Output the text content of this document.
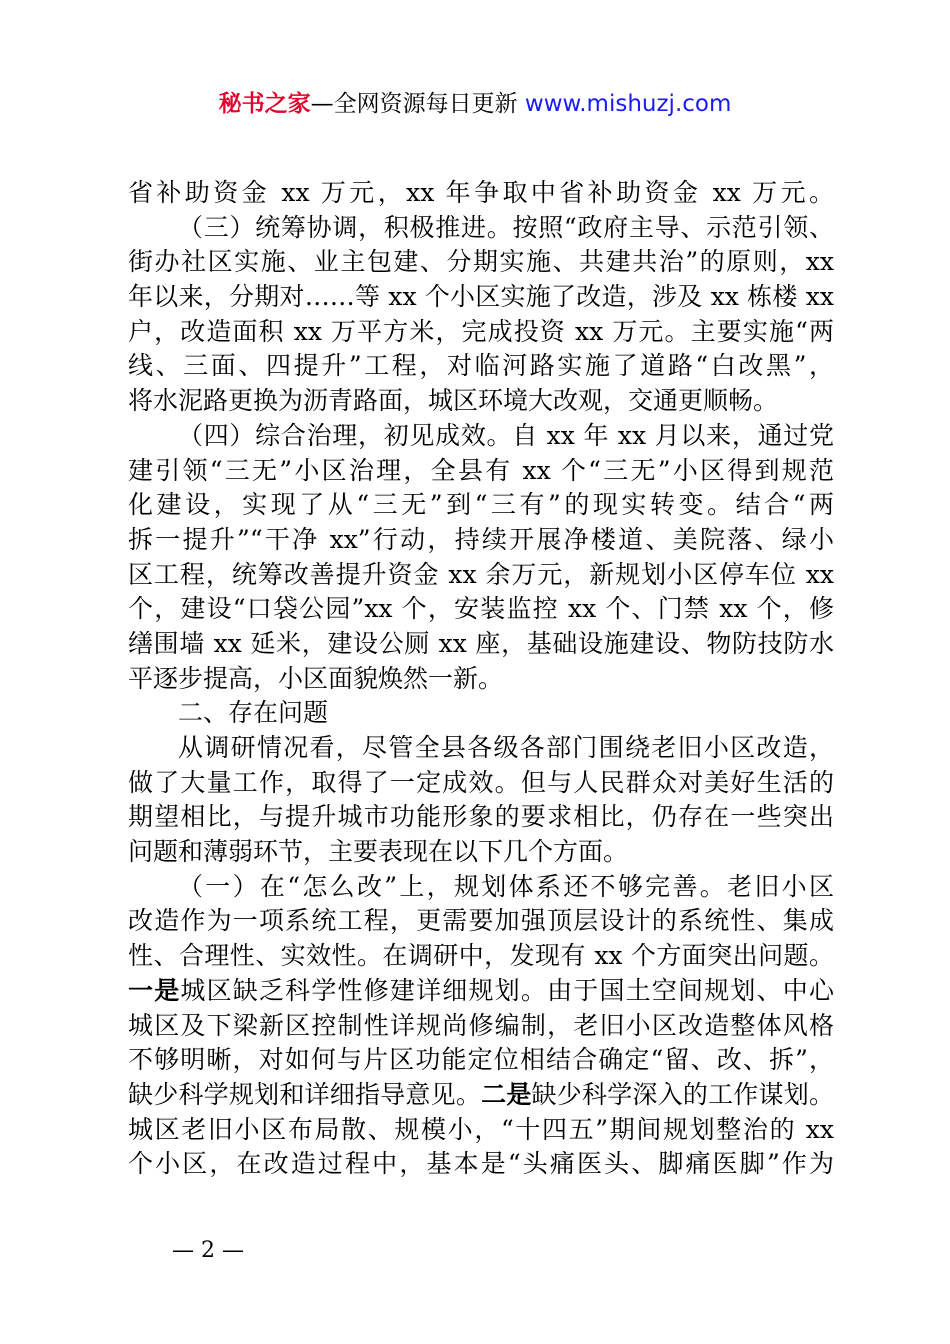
秘书之家—全网资源每日更新 www.mishuzj.com
省补助资金 xx 万元，xx 年争取中省补助资金 xx 万元。
（三）统筹协调，积极推进。按照“政府主导、示范引领、
街办社区实施、业主包建、分期实施、共建共治”的原则，xx
年以来，分期对……等 xx 个小区实施了改造，涉及 xx 栋楼 xx
户，改造面积 xx 万平方米，完成投资 xx 万元。主要实施“两
线、三面、四提升”工程，对临河路实施了道路“白改黑”，
将水泥路更换为沥青路面，城区环境大改观，交通更顺畅。
（四）综合治理，初见成效。自 xx 年 xx 月以来，通过党
建引领“三无”小区治理，全县有 xx 个“三无”小区得到规范
化建设，实现了从“三无”到“三有”的现实转变。结合“两
拆一提升”“干净 xx”行动，持续开展净楼道、美院落、绿小
区工程，统筹改善提升资金 xx 余万元，新规划小区停车位 xx
个，建设“口袋公园”xx 个，安装监控 xx 个、门禁 xx 个，修
缮围墙 xx 延米，建设公厕 xx 座，基础设施建设、物防技防水
平逐步提高，小区面貌焕然一新。
二、存在问题
从调研情况看，尽管全县各级各部门围绕老旧小区改造，
做了大量工作，取得了一定成效。但与人民群众对美好生活的
期望相比，与提升城市功能形象的要求相比，仍存在一些突出
问题和薄弱环节，主要表现在以下几个方面。
（一）在“怎么改”上，规划体系还不够完善。老旧小区
改造作为一项系统工程，更需要加强顶层设计的系统性、集成
性、合理性、实效性。在调研中，发现有 xx 个方面突出问题。
一是城区缺乏科学性修建详细规划。由于国土空间规划、中心
城区及下梁新区控制性详规尚修编制，老旧小区改造整体风格
不够明晰，对如何与片区功能定位相结合确定“留、改、拆”，
缺少科学规划和详细指导意见。二是缺少科学深入的工作谋划。
城区老旧小区布局散、规模小，“十四五”期间规划整治的 xx
个小区，在改造过程中，基本是“头痛医头、脚痛医脚”作为
— 2 —
